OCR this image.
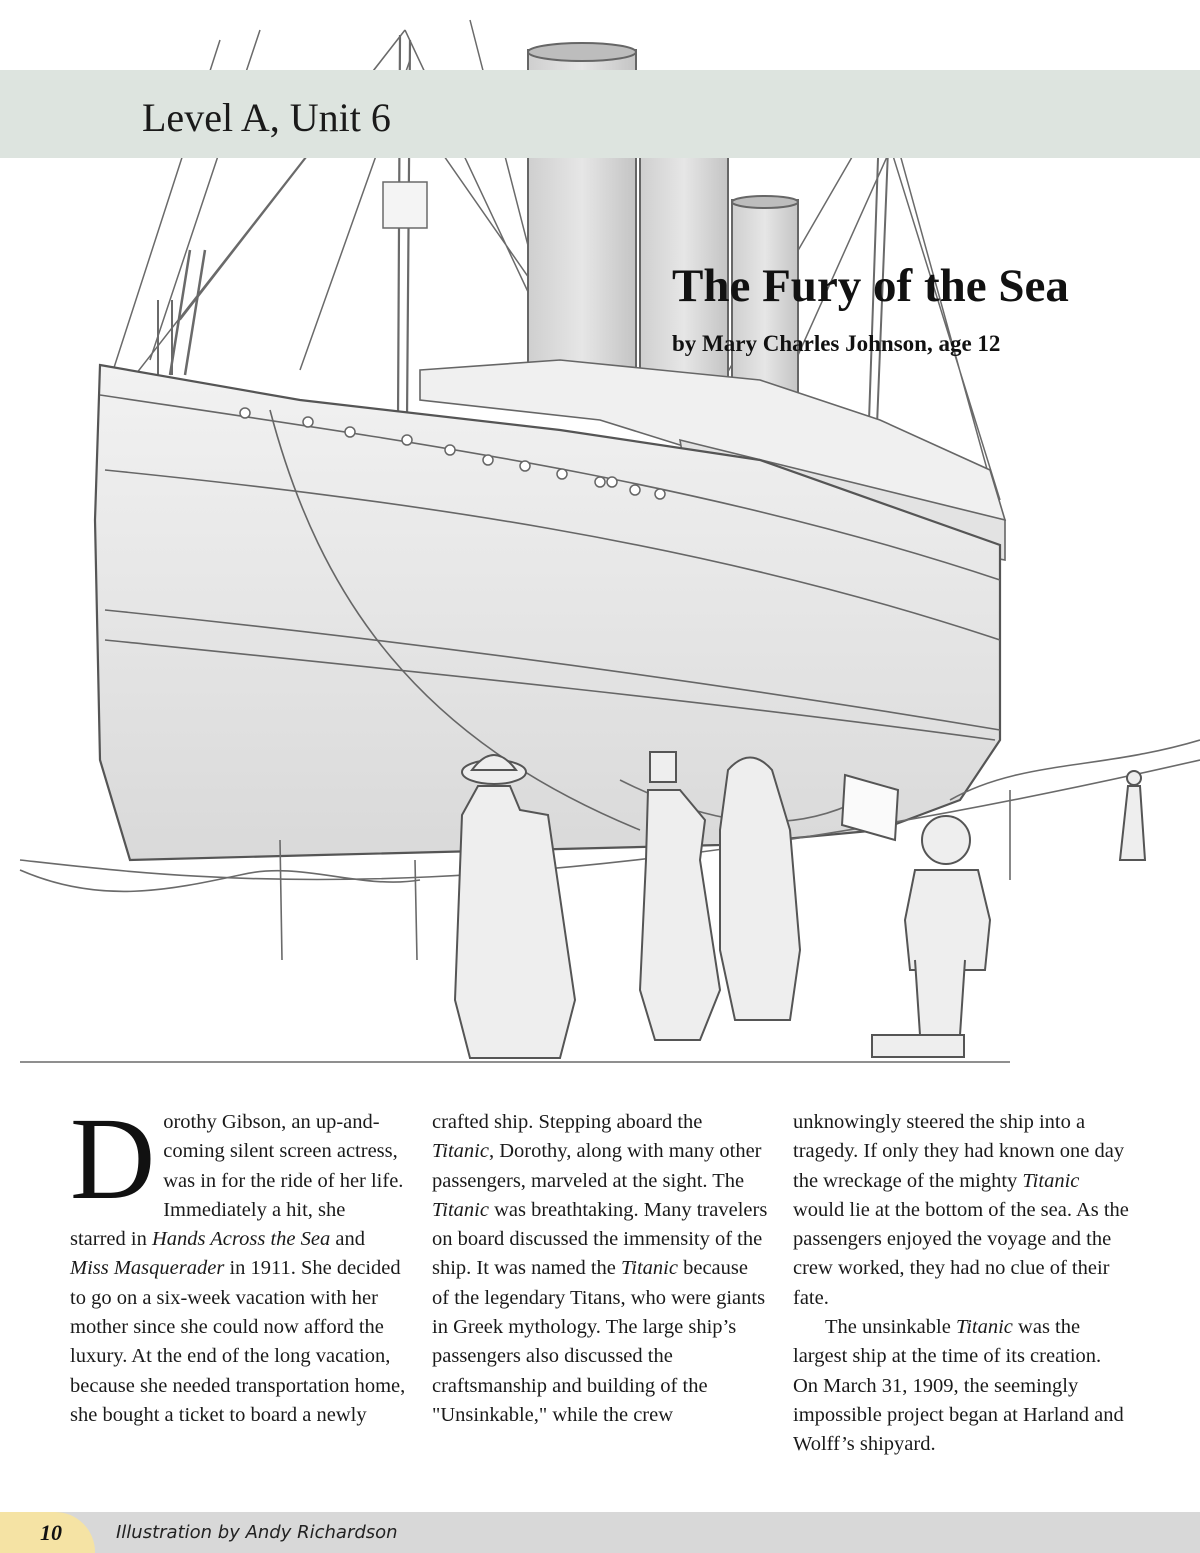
Level A, Unit 6
The Fury of the Sea
by Mary Charles Johnson, age 12

Dorothy Gibson, an up-and-coming silent screen actress, was in for the ride of her life. Immediately a hit, she starred in Hands Across the Sea and Miss Masquerader in 1911. She decided to go on a six-week vacation with her mother since she could now afford the luxury. At the end of the long vacation, because she needed transportation home, she bought a ticket to board a newly

crafted ship. Stepping aboard the Titanic, Dorothy, along with many other passengers, marveled at the sight. The Titanic was breathtaking. Many travelers on board discussed the immensity of the ship. It was named the Titanic because of the legendary Titans, who were giants in Greek mythology. The large ship’s passengers also discussed the craftsmanship and building of the "Unsinkable," while the crew

unknowingly steered the ship into a tragedy. If only they had known one day the wreckage of the mighty Titanic would lie at the bottom of the sea. As the passengers enjoyed the voyage and the crew worked, they had no clue of their fate.
The unsinkable Titanic was the largest ship at the time of its creation. On March 31, 1909, the seemingly impossible project began at Harland and Wolff’s shipyard.

10	Illustration by Andy Richardson
